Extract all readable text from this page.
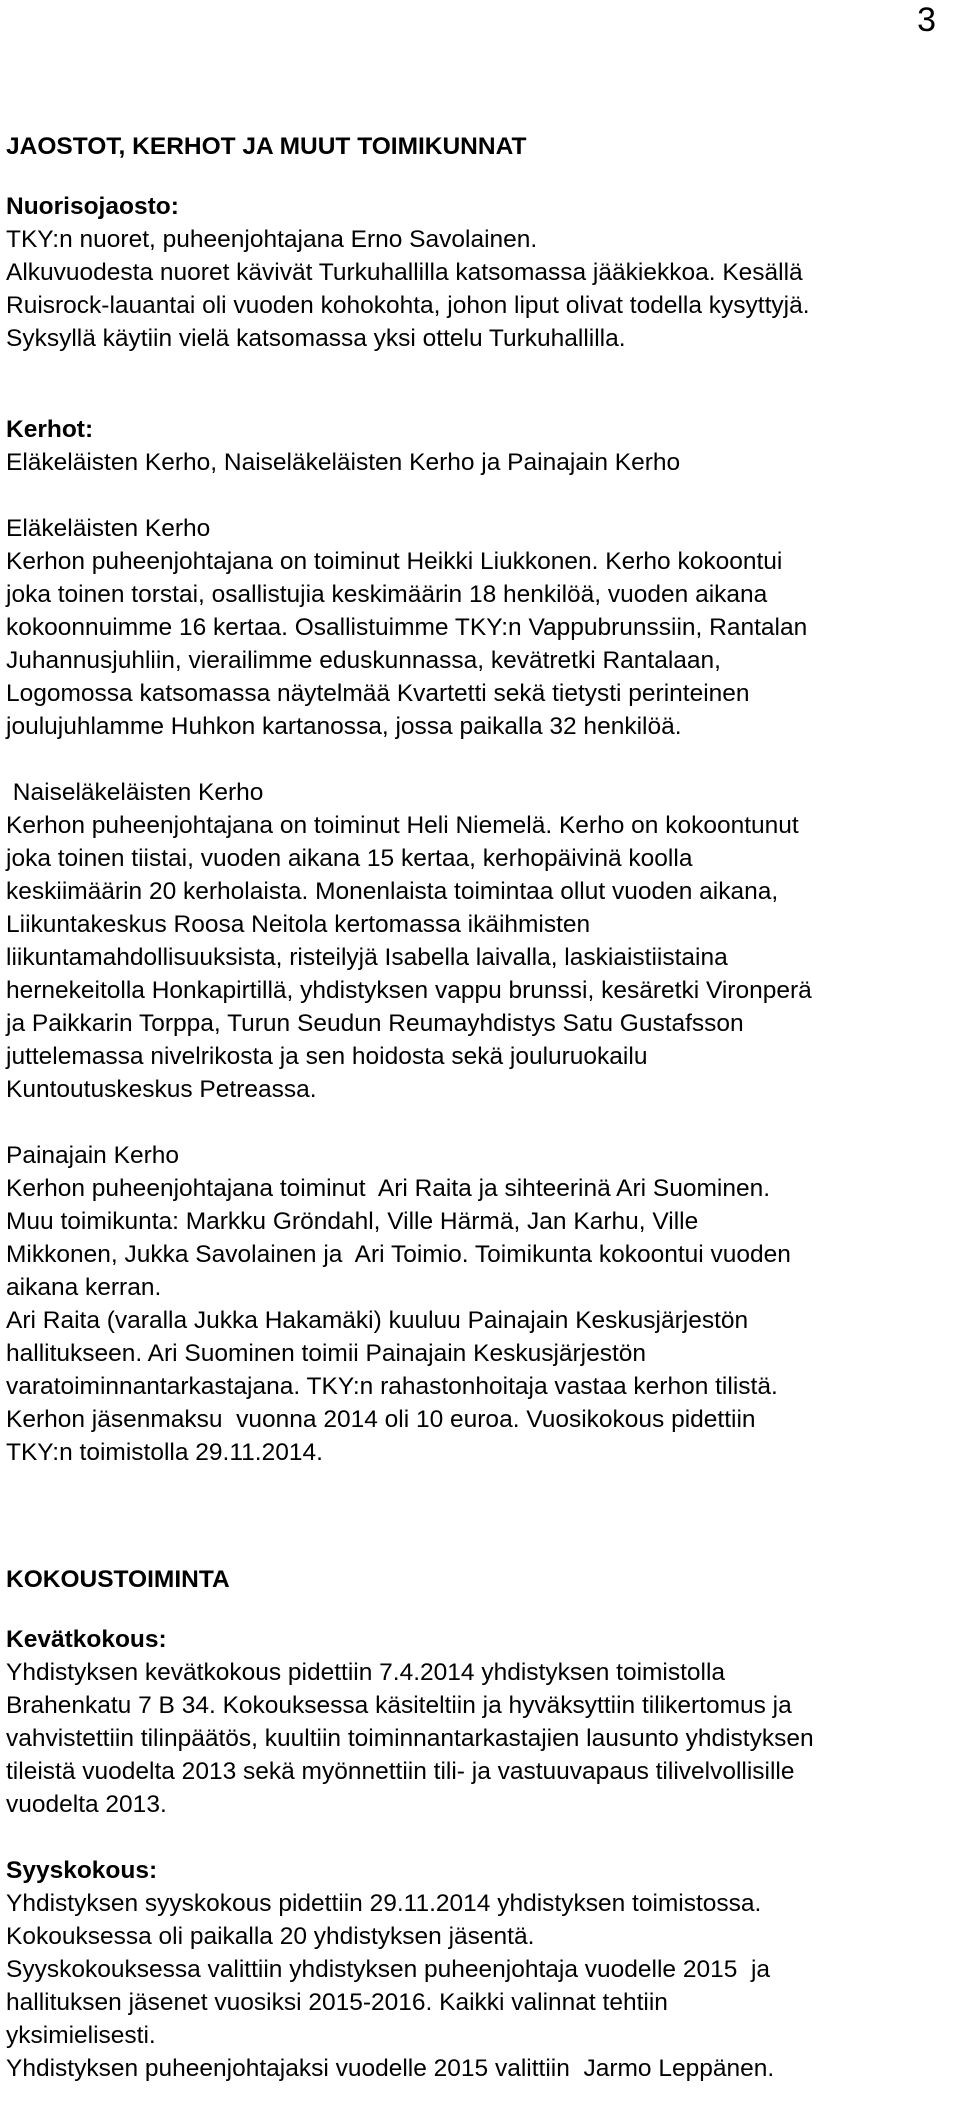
3
JAOSTOT, KERHOT JA MUUT TOIMIKUNNAT
Nuorisojaosto:
TKY:n nuoret, puheenjohtajana Erno Savolainen.
Alkuvuodesta nuoret kävivät Turkuhallilla katsomassa jääkiekkoa. Kesällä
Ruisrock-lauantai oli vuoden kohokohta, johon liput olivat todella kysyttyjä.
Syksyllä käytiin vielä katsomassa yksi ottelu Turkuhallilla.
Kerhot:
Eläkeläisten Kerho, Naiseläkeläisten Kerho ja Painajain Kerho
Eläkeläisten Kerho
Kerhon puheenjohtajana on toiminut Heikki Liukkonen. Kerho kokoontui
joka toinen torstai, osallistujia keskimäärin 18 henkilöä, vuoden aikana
kokoonnuimme 16 kertaa. Osallistuimme TKY:n Vappubrunssiin, Rantalan
Juhannusjuhliin, vierailimme eduskunnassa, kevätretki Rantalaan,
Logomossa katsomassa näytelmää Kvartetti sekä tietysti perinteinen
joulujuhlamme Huhkon kartanossa, jossa paikalla 32 henkilöä.
Naiseläkeläisten Kerho
Kerhon puheenjohtajana on toiminut Heli Niemelä. Kerho on kokoontunut
joka toinen tiistai, vuoden aikana 15 kertaa, kerhopäivinä koolla
keskiimäärin 20 kerholaista. Monenlaista toimintaa ollut vuoden aikana,
Liikuntakeskus Roosa Neitola kertomassa ikäihmisten
liikuntamahdollisuuksista, risteilyjä Isabella laivalla, laskiaistiistaina
hernekeitolla Honkapirtillä, yhdistyksen vappu brunssi, kesäretki Vironperä
ja Paikkarin Torppa, Turun Seudun Reumayhdistys Satu Gustafsson
juttelemassa nivelrikosta ja sen hoidosta sekä jouluruokailu
Kuntoutuskeskus Petreassa.
Painajain Kerho
Kerhon puheenjohtajana toiminut  Ari Raita ja sihteerinä Ari Suominen.
Muu toimikunta: Markku Gröndahl, Ville Härmä, Jan Karhu, Ville
Mikkonen, Jukka Savolainen ja  Ari Toimio. Toimikunta kokoontui vuoden
aikana kerran.
Ari Raita (varalla Jukka Hakamäki) kuuluu Painajain Keskusjärjestön
hallitukseen. Ari Suominen toimii Painajain Keskusjärjestön
varatoiminnantarkastajana. TKY:n rahastonhoitaja vastaa kerhon tilistä.
Kerhon jäsenmaksu  vuonna 2014 oli 10 euroa. Vuosikokous pidettiin
TKY:n toimistolla 29.11.2014.
KOKOUSTOIMINTA
Kevätkokous:
Yhdistyksen kevätkokous pidettiin 7.4.2014 yhdistyksen toimistolla
Brahenkatu 7 B 34. Kokouksessa käsiteltiin ja hyväksyttiin tilikertomus ja
vahvistettiin tilinpäätös, kuultiin toiminnantarkastajien lausunto yhdistyksen
tileistä vuodelta 2013 sekä myönnettiin tili- ja vastuuvapaus tilivelvollisille
vuodelta 2013.
Syyskokous:
Yhdistyksen syyskokous pidettiin 29.11.2014 yhdistyksen toimistossa.
Kokouksessa oli paikalla 20 yhdistyksen jäsentä.
Syyskokouksessa valittiin yhdistyksen puheenjohtaja vuodelle 2015  ja
hallituksen jäsenet vuosiksi 2015-2016. Kaikki valinnat tehtiin
yksimielisesti.
Yhdistyksen puheenjohtajaksi vuodelle 2015 valittiin  Jarmo Leppänen.
